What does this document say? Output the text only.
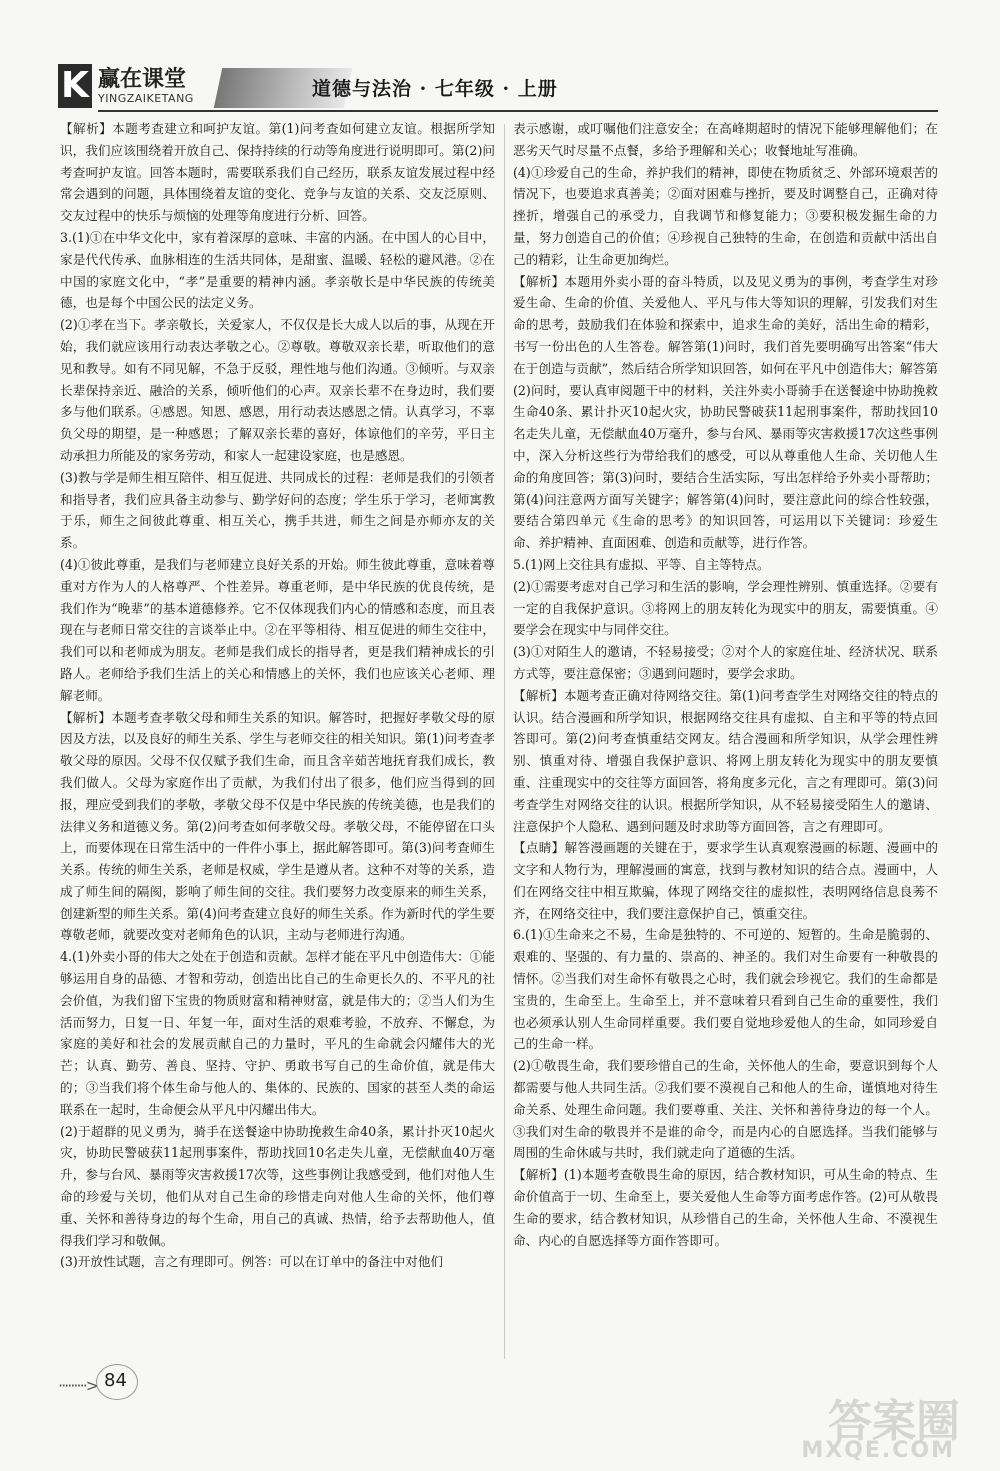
K 赢在课堂
YINGZAIKETANG	道德与法治 · 七年级 · 上册

【解析】本题考查建立和呵护友谊。第(1)问考查如何建立友谊。根据所学知识，我们应该围绕着开放自己、保持持续的行动等角度进行说明即可。第(2)问考查呵护友谊。回答本题时，需要联系我们自己经历，联系友谊发展过程中经常会遇到的问题，具体围绕着友谊的变化、竞争与友谊的关系、交友泛原则、交友过程中的快乐与烦恼的处理等角度进行分析、回答。

3.(1)①在中华文化中，家有着深厚的意味、丰富的内涵。在中国人的心目中，家是代代传承、血脉相连的生活共同体，是甜蜜、温暖、轻松的避风港。②在中国的家庭文化中，“孝”是重要的精神内涵。孝亲敬长是中华民族的传统美德，也是每个中国公民的法定义务。

(2)①孝在当下。孝亲敬长，关爱家人，不仅仅是长大成人以后的事，从现在开始，我们就应该用行动表达孝敬之心。②尊敬。尊敬双亲长辈，听取他们的意见和教导。如有不同见解，不急于反驳，理性地与他们沟通。③倾听。与双亲长辈保持亲近、融洽的关系，倾听他们的心声。双亲长辈不在身边时，我们要多与他们联系。④感恩。知恩、感恩，用行动表达感恩之情。认真学习，不辜负父母的期望，是一种感恩；了解双亲长辈的喜好，体谅他们的辛劳，平日主动承担力所能及的家务劳动，和家人一起建设家庭，也是感恩。

(3)教与学是师生相互陪伴、相互促进、共同成长的过程：老师是我们的引领者和指导者，我们应具备主动参与、勤学好问的态度；学生乐于学习，老师寓教于乐，师生之间彼此尊重、相互关心，携手共进，师生之间是亦师亦友的关系。

(4)①彼此尊重，是我们与老师建立良好关系的开始。师生彼此尊重，意味着尊重对方作为人的人格尊严、个性差异。尊重老师，是中华民族的优良传统，是我们作为“晚辈”的基本道德修养。它不仅体现我们内心的情感和态度，而且表现在与老师日常交往的言谈举止中。②在平等相待、相互促进的师生交往中，我们可以和老师成为朋友。老师是我们成长的指导者，更是我们精神成长的引路人。老师给予我们生活上的关心和情感上的关怀，我们也应该关心老师、理解老师。

【解析】本题考查孝敬父母和师生关系的知识。解答时，把握好孝敬父母的原因及方法，以及良好的师生关系、学生与老师交往的相关知识。第(1)问考查孝敬父母的原因。父母不仅仅赋予我们生命，而且含辛茹苦地抚育我们成长，教我们做人。父母为家庭作出了贡献，为我们付出了很多，他们应当得到的回报，理应受到我们的孝敬，孝敬父母不仅是中华民族的传统美德，也是我们的法律义务和道德义务。第(2)问考查如何孝敬父母。孝敬父母，不能停留在口头上，而要体现在日常生活中的一件件小事上，据此解答即可。第(3)问考查师生关系。传统的师生关系，老师是权威，学生是遵从者。这种不对等的关系，造成了师生间的隔阂，影响了师生间的交往。我们要努力改变原来的师生关系，创建新型的师生关系。第(4)问考查建立良好的师生关系。作为新时代的学生要尊敬老师，就要改变对老师角色的认识，主动与老师进行沟通。

4.(1)外卖小哥的伟大之处在于创造和贡献。怎样才能在平凡中创造伟大：①能够运用自身的品德、才智和劳动，创造出比自己的生命更长久的、不平凡的社会价值，为我们留下宝贵的物质财富和精神财富，就是伟大的；②当人们为生活而努力，日复一日、年复一年，面对生活的艰难考验，不放弃、不懈怠，为家庭的美好和社会的发展贡献自己的力量时，平凡的生命就会闪耀伟大的光芒；认真、勤劳、善良、坚持、守护、勇敢书写自己的生命价值，就是伟大的；③当我们将个体生命与他人的、集体的、民族的、国家的甚至人类的命运联系在一起时，生命便会从平凡中闪耀出伟大。

(2)于超群的见义勇为，骑手在送餐途中协助挽救生命40条，累计扑灭10起火灾，协助民警破获11起刑事案件，帮助找回10名走失儿童，无偿献血40万毫升，参与台风、暴雨等灾害救援17次等，这些事例让我感受到，他们对他人生命的珍爱与关切，他们从对自己生命的珍惜走向对他人生命的关怀，他们尊重、关怀和善待身边的每个生命，用自己的真诚、热情，给予去帮助他人，值得我们学习和敬佩。

(3)开放性试题，言之有理即可。例答：可以在订单中的备注中对他们

表示感谢，或叮嘱他们注意安全；在高峰期超时的情况下能够理解他们；在恶劣天气时尽量不点餐，多给予理解和关心；收餐地址写准确。

(4)①珍爱自己的生命，养护我们的精神，即使在物质贫乏、外部环境艰苦的情况下，也要追求真善美；②面对困难与挫折，要及时调整自己，正确对待挫折，增强自己的承受力，自我调节和修复能力；③要积极发掘生命的力量，努力创造自己的价值；④珍视自己独特的生命，在创造和贡献中活出自己的精彩，让生命更加绚烂。

【解析】本题用外卖小哥的奋斗特质，以及见义勇为的事例，考查学生对珍爱生命、生命的价值、关爱他人、平凡与伟大等知识的理解，引发我们对生命的思考，鼓励我们在体验和探索中，追求生命的美好，活出生命的精彩，书写一份出色的人生答卷。解答第(1)问时，我们首先要明确写出答案“伟大在于创造与贡献”，然后结合所学知识回答，如何在平凡中创造伟大；解答第(2)问时，要认真审阅题干中的材料，关注外卖小哥骑手在送餐途中协助挽救生命40条、累计扑灭10起火灾，协助民警破获11起刑事案件，帮助找回10名走失儿童，无偿献血40万毫升，参与台风、暴雨等灾害救援17次这些事例中，深入分析这些行为带给我们的感受，可以从尊重他人生命、关切他人生命的角度回答；第(3)问时，要结合生活实际，写出怎样给予外卖小哥帮助；第(4)问注意两方面写关键字；解答第(4)问时，要注意此问的综合性较强，要结合第四单元《生命的思考》的知识回答，可运用以下关键词：珍爱生命、养护精神、直面困难、创造和贡献等，进行作答。

5.(1)网上交往具有虚拟、平等、自主等特点。

(2)①需要考虑对自己学习和生活的影响，学会理性辨别、慎重选择。②要有一定的自我保护意识。③将网上的朋友转化为现实中的朋友，需要慎重。④要学会在现实中与同伴交往。

(3)①对陌生人的邀请，不轻易接受；②对个人的家庭住址、经济状况、联系方式等，要注意保密；③遇到问题时，要学会求助。

【解析】本题考查正确对待网络交往。第(1)问考查学生对网络交往的特点的认识。结合漫画和所学知识，根据网络交往具有虚拟、自主和平等的特点回答即可。第(2)问考查慎重结交网友。结合漫画和所学知识，从学会理性辨别、慎重对待、增强自我保护意识、将网上朋友转化为现实中的朋友要慎重、注重现实中的交往等方面回答，将角度多元化，言之有理即可。第(3)问考查学生对网络交往的认识。根据所学知识，从不轻易接受陌生人的邀请、注意保护个人隐私、遇到问题及时求助等方面回答，言之有理即可。

【点睛】解答漫画题的关键在于，要求学生认真观察漫画的标题、漫画中的文字和人物行为，理解漫画的寓意，找到与教材知识的结合点。漫画中，人们在网络交往中相互欺骗，体现了网络交往的虚拟性，表明网络信息良莠不齐，在网络交往中，我们要注意保护自己，慎重交往。

6.(1)①生命来之不易，生命是独特的、不可逆的、短暂的。生命是脆弱的、艰难的、坚强的、有力量的、崇高的、神圣的。我们对生命要有一种敬畏的情怀。②当我们对生命怀有敬畏之心时，我们就会珍视它。我们的生命都是宝贵的，生命至上。生命至上，并不意味着只看到自己生命的重要性，我们也必须承认别人生命同样重要。我们要自觉地珍爱他人的生命，如同珍爱自己的生命一样。

(2)①敬畏生命，我们要珍惜自己的生命，关怀他人的生命，要意识到每个人都需要与他人共同生活。②我们要不漠视自己和他人的生命，谨慎地对待生命关系、处理生命问题。我们要尊重、关注、关怀和善待身边的每一个人。③我们对生命的敬畏并不是谁的命令，而是内心的自愿选择。当我们能够与周围的生命休戚与共时，我们就走向了道德的生活。

【解析】(1)本题考查敬畏生命的原因，结合教材知识，可从生命的特点、生命价值高于一切、生命至上，要关爱他人生命等方面考虑作答。(2)可从敬畏生命的要求，结合教材知识，从珍惜自己的生命，关怀他人生命、不漠视生命、内心的自愿选择等方面作答即可。

·········> 84
答案圈
MXQE.COM
